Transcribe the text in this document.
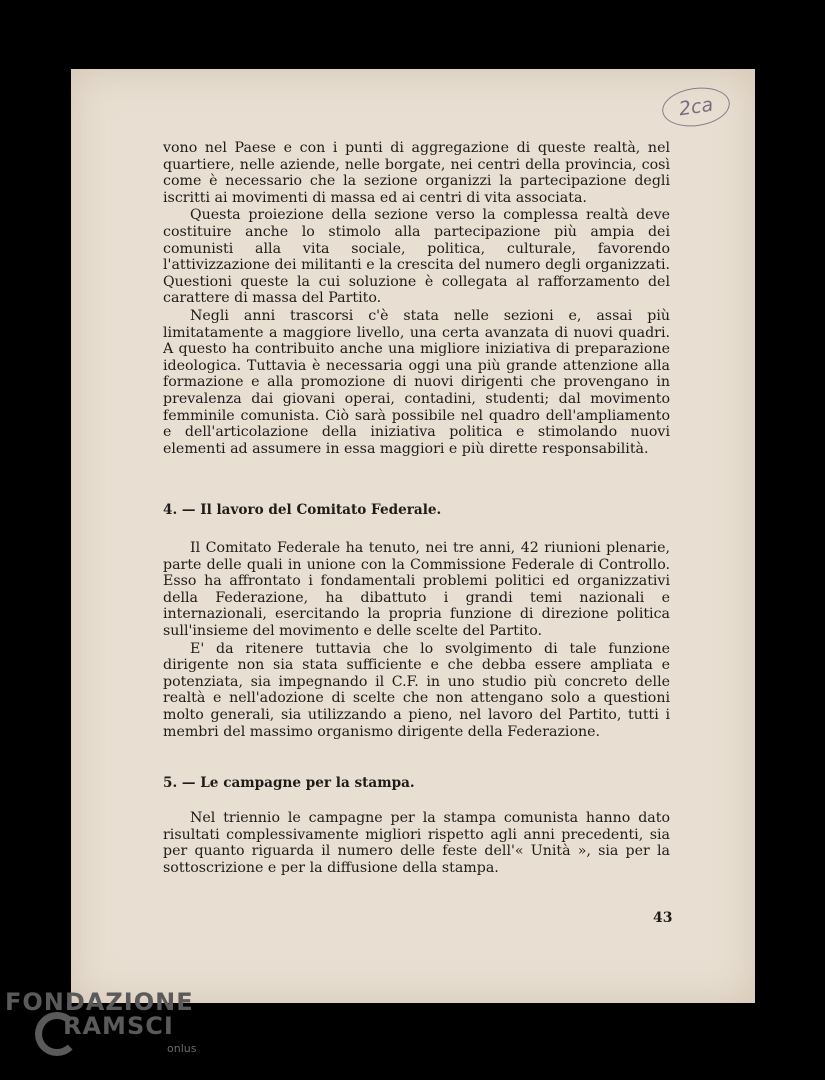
2ca

vono nel Paese e con i punti di aggregazione di queste realtà, nel quartiere, nelle aziende, nelle borgate, nei centri della provincia, così come è necessario che la sezione organizzi la partecipazione degli iscritti ai movimenti di massa ed ai centri di vita associata.

Questa proiezione della sezione verso la complessa realtà deve costituire anche lo stimolo alla partecipazione più ampia dei comunisti alla vita sociale, politica, culturale, favorendo l'attivizzazione dei militanti e la crescita del numero degli organizzati. Questioni queste la cui soluzione è collegata al rafforzamento del carattere di massa del Partito.

Negli anni trascorsi c'è stata nelle sezioni e, assai più limitatamente a maggiore livello, una certa avanzata di nuovi quadri. A questo ha contribuito anche una migliore iniziativa di preparazione ideologica. Tuttavia è necessaria oggi una più grande attenzione alla formazione e alla promozione di nuovi dirigenti che provengano in prevalenza dai giovani operai, contadini, studenti; dal movimento femminile comunista. Ciò sarà possibile nel quadro dell'ampliamento e dell'articolazione della iniziativa politica e stimolando nuovi elementi ad assumere in essa maggiori e più dirette responsabilità.

4. — Il lavoro del Comitato Federale.

Il Comitato Federale ha tenuto, nei tre anni, 42 riunioni plenarie, parte delle quali in unione con la Commissione Federale di Controllo. Esso ha affrontato i fondamentali problemi politici ed organizzativi della Federazione, ha dibattuto i grandi temi nazionali e internazionali, esercitando la propria funzione di direzione politica sull'insieme del movimento e delle scelte del Partito.

E' da ritenere tuttavia che lo svolgimento di tale funzione dirigente non sia stata sufficiente e che debba essere ampliata e potenziata, sia impegnando il C.F. in uno studio più concreto delle realtà e nell'adozione di scelte che non attengano solo a questioni molto generali, sia utilizzando a pieno, nel lavoro del Partito, tutti i membri del massimo organismo dirigente della Federazione.

5. — Le campagne per la stampa.

Nel triennio le campagne per la stampa comunista hanno dato risultati complessivamente migliori rispetto agli anni precedenti, sia per quanto riguarda il numero delle feste dell'« Unità », sia per la sottoscrizione e per la diffusione della stampa.

43
FONDAZIONE
RAMSCI
onlus
